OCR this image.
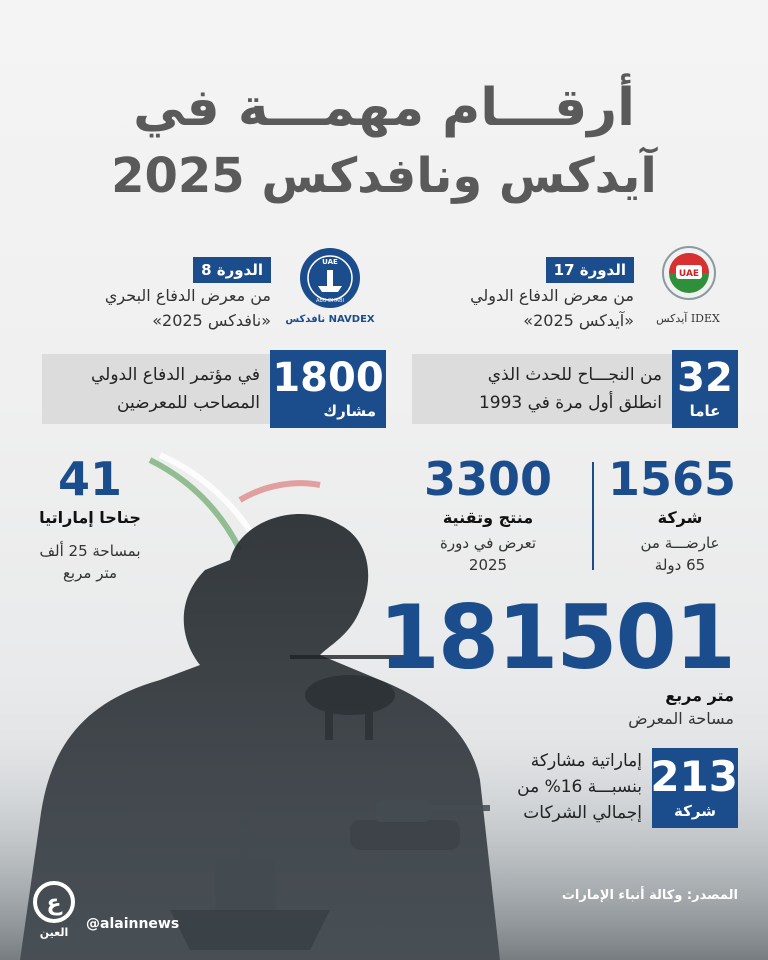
أرقـــام مهمـــة في
آيدكس ونافدكس 2025
UAE
IDEX آيدكس
الدورة 17
من معرض الدفاع الدولي
«آيدكس 2025»
UAE
ABU DHABI
NAVDEX نافدكس
الدورة 8
من معرض الدفاع البحري
«نافدكس 2025»
32
عاما
من النجـــاح للحدث الذي
انطلق أول مرة في 1993
1800
مشارك
في مؤتمر الدفاع الدولي
المصاحب للمعرضين
1565
شركة
عارضـــة من
65 دولة
3300
منتج وتقنية
تعرض في دورة
2025
41
جناحا إماراتيا
بمساحة 25 ألف
متر مربع
181501
متر مربع
مساحة المعرض
213
شركة
إماراتية مشاركة
بنسبـــة 16% من
إجمالي الشركات
المصدر: وكالة أنباء الإمارات
ع
العين
@alainnews
